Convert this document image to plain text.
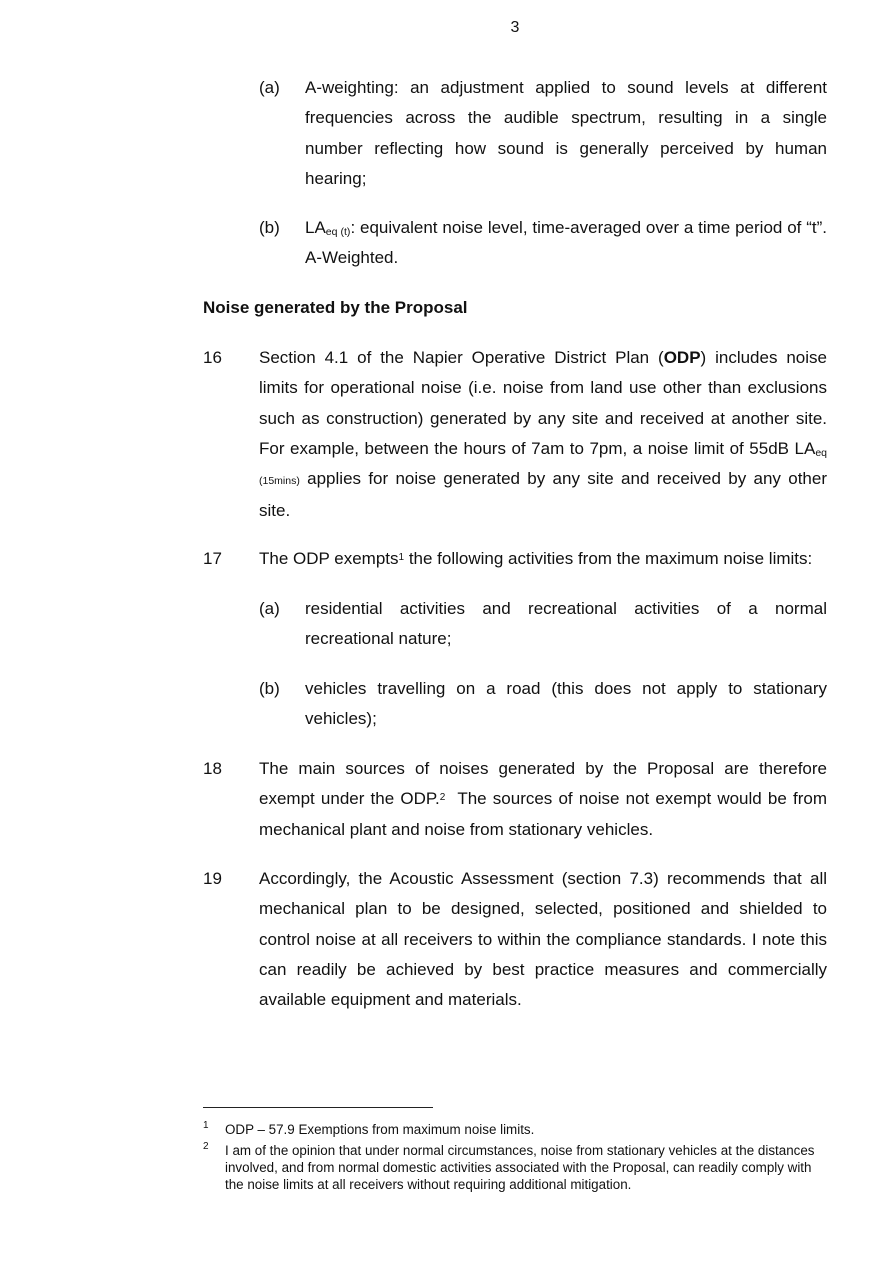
3
(a) A-weighting: an adjustment applied to sound levels at different frequencies across the audible spectrum, resulting in a single number reflecting how sound is generally perceived by human hearing;
(b) $LA_{eq (t)}$: equivalent noise level, time-averaged over a time period of “t”. A-Weighted.
Noise generated by the Proposal
16 Section 4.1 of the Napier Operative District Plan (ODP) includes noise limits for operational noise (i.e. noise from land use other than exclusions such as construction) generated by any site and received at another site. For example, between the hours of 7am to 7pm, a noise limit of 55dB $LA_{eq}$ (15mins) applies for noise generated by any site and received by any other site.
17 The ODP exempts$^1$ the following activities from the maximum noise limits:
(a) residential activities and recreational activities of a normal recreational nature;
(b) vehicles travelling on a road (this does not apply to stationary vehicles);
18 The main sources of noises generated by the Proposal are therefore exempt under the ODP.$^2$  The sources of noise not exempt would be from mechanical plant and noise from stationary vehicles.
19 Accordingly, the Acoustic Assessment (section 7.3) recommends that all mechanical plan to be designed, selected, positioned and shielded to control noise at all receivers to within the compliance standards. I note this can readily be achieved by best practice measures and commercially available equipment and materials.
1 ODP – 57.9 Exemptions from maximum noise limits.
2 I am of the opinion that under normal circumstances, noise from stationary vehicles at the distances involved, and from normal domestic activities associated with the Proposal, can readily comply with the noise limits at all receivers without requiring additional mitigation.
